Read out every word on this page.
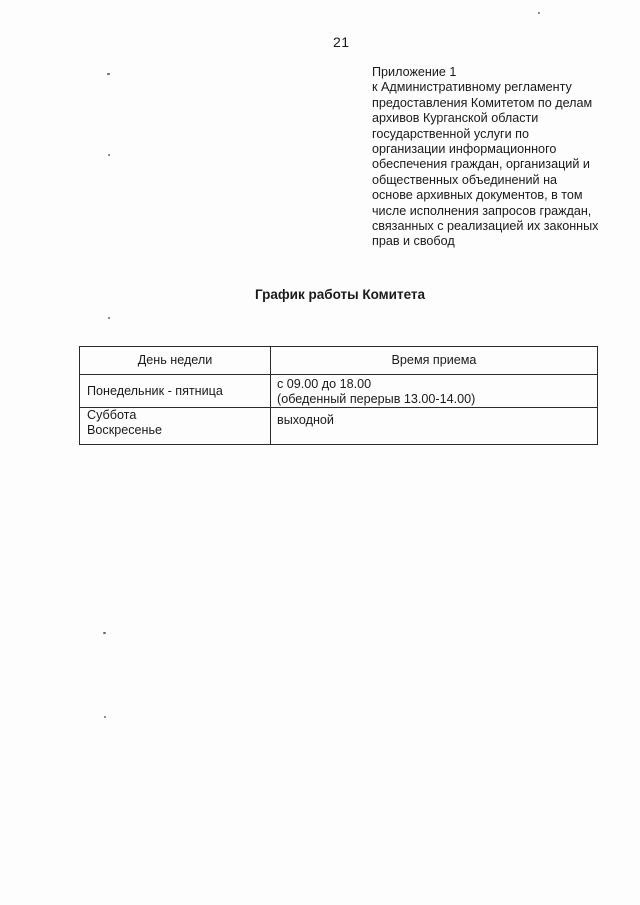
21
Приложение 1
к Административному регламенту
предоставления Комитетом по делам
архивов Курганской области
государственной услуги по
организации информационного
обеспечения граждан, организаций и
общественных объединений на
основе архивных документов, в том
числе исполнения запросов граждан,
связанных с реализацией их законных
прав и свобод
График работы Комитета
День недели	Время приема

Понедельник - пятница	с 09.00 до 18.00
(обеденный перерыв 13.00-14.00)

Суббота
Воскресенье	выходной
